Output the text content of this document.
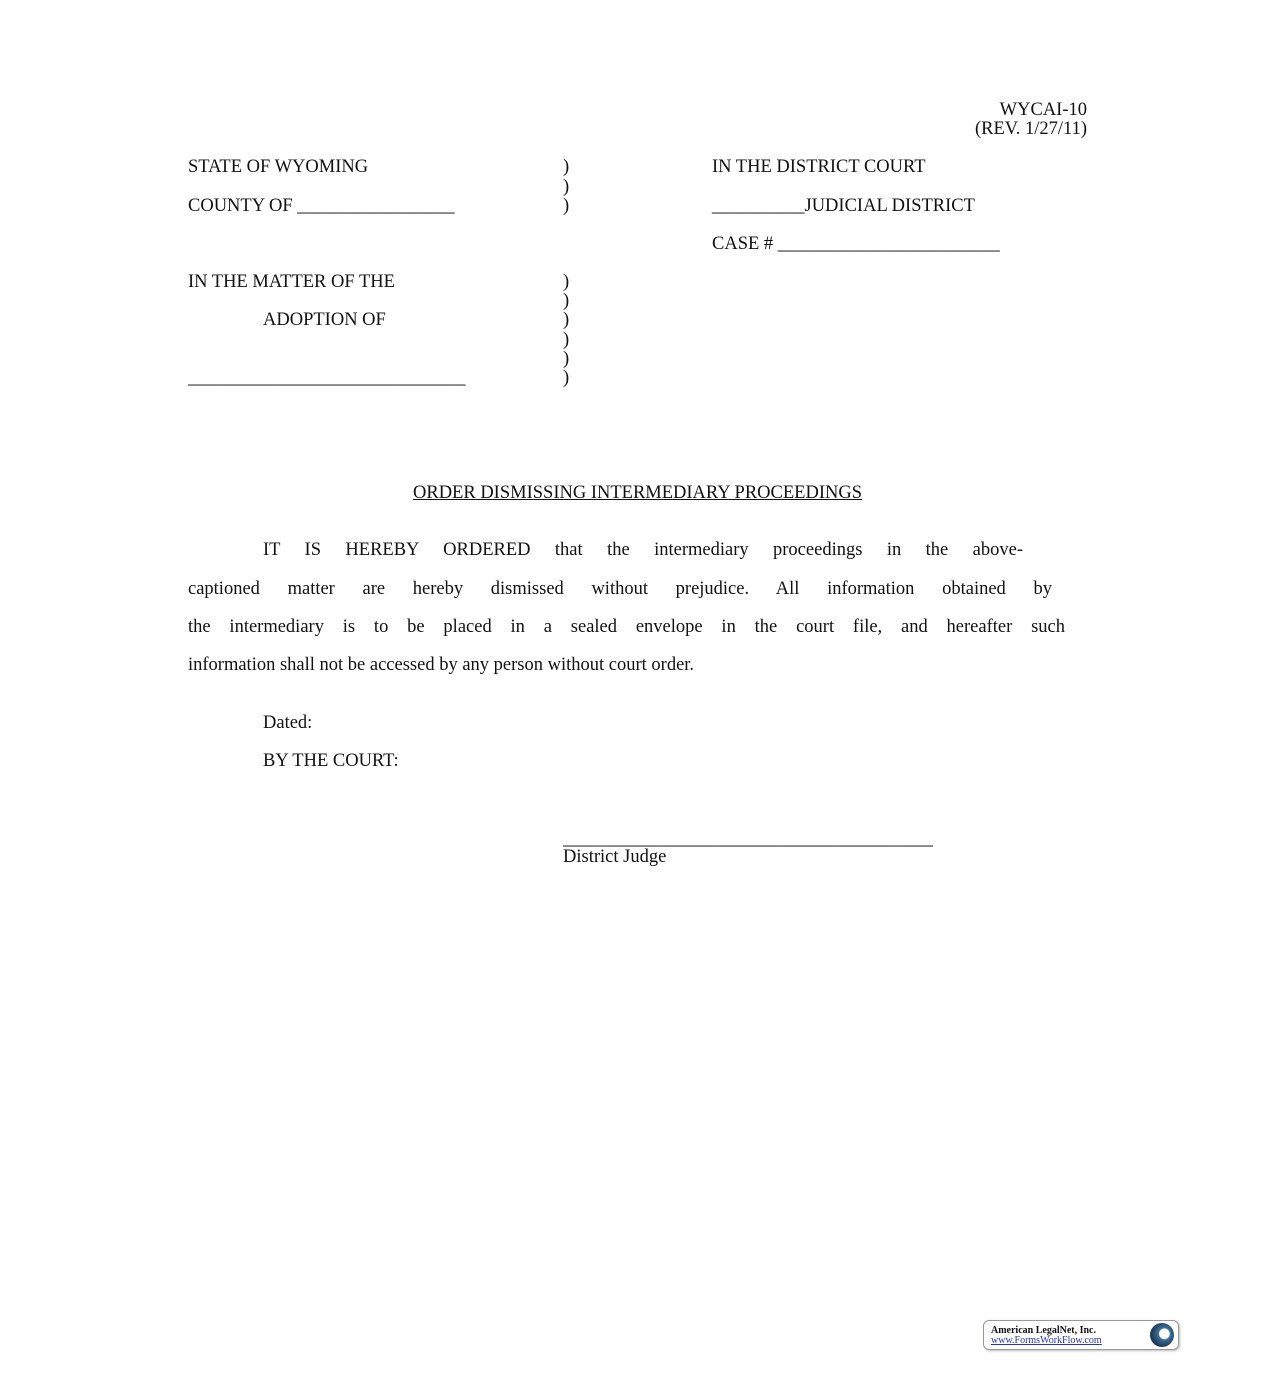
WYCAI-10
(REV. 1/27/11)
STATE OF WYOMING
COUNTY OF _________________
IN THE DISTRICT COURT
__________JUDICIAL DISTRICT
CASE # ________________________
)
)
)
IN THE MATTER OF THE
ADOPTION OF
______________________________
)
)
)
)
)
)
ORDER DISMISSING INTERMEDIARY PROCEEDINGS
IT IS HEREBY ORDERED that the intermediary proceedings in the above-
captioned matter are hereby dismissed without prejudice. All information obtained by
the intermediary is to be placed in a sealed envelope in the court file, and hereafter such
information shall not be accessed by any person without court order.
Dated:
BY THE COURT:
________________________________________
District Judge
American LegalNet, Inc.
www.FormsWorkFlow.com
